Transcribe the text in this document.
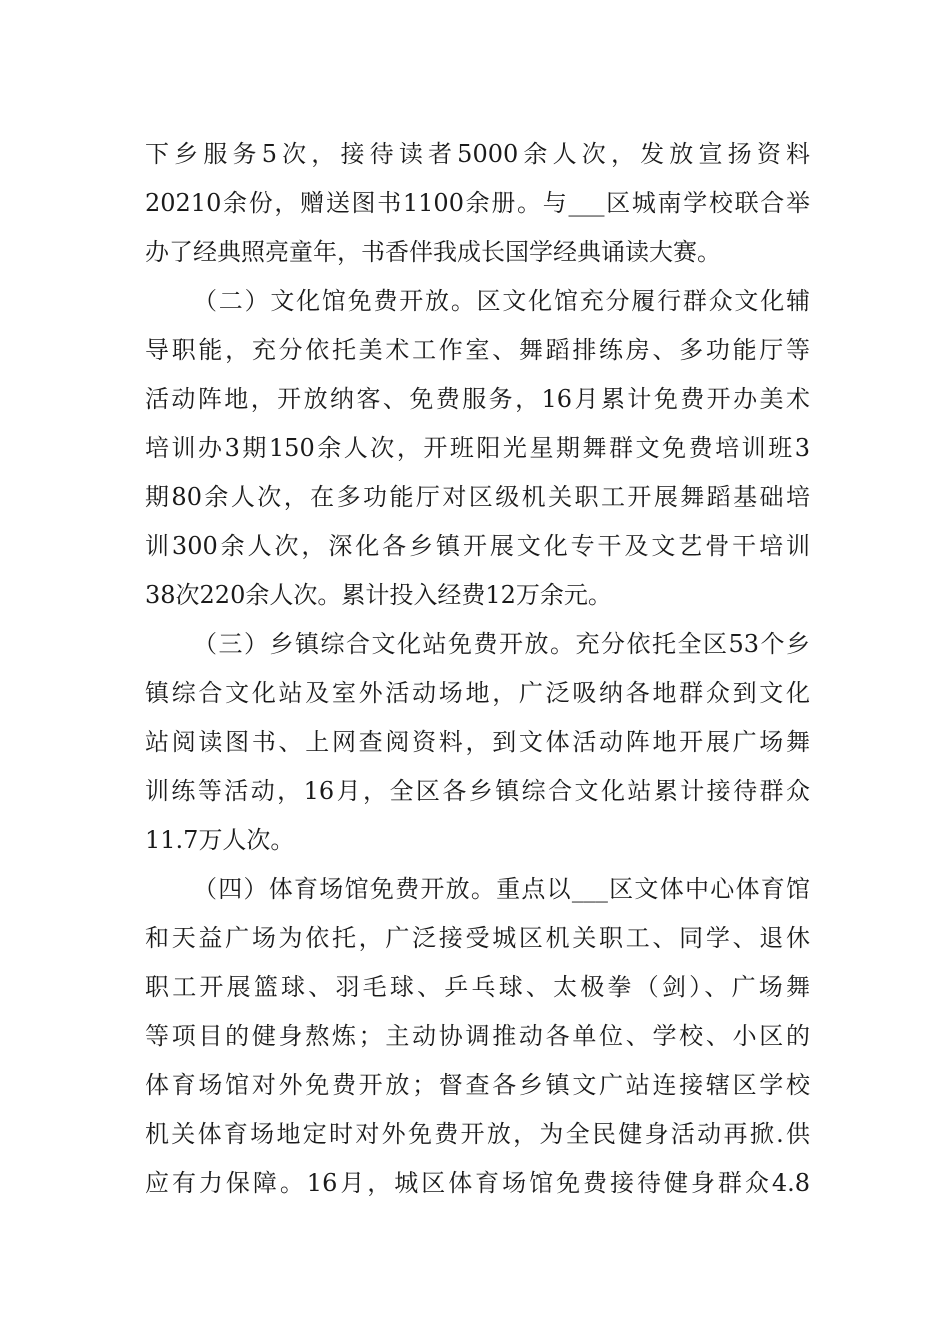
下乡服务5次，接待读者5000余人次，发放宣扬资料
20210余份，赠送图书1100余册。与___区城南学校联合举
办了经典照亮童年，书香伴我成长国学经典诵读大赛。
（二）文化馆免费开放。区文化馆充分履行群众文化辅
导职能，充分依托美术工作室、舞蹈排练房、多功能厅等
活动阵地，开放纳客、免费服务，16月累计免费开办美术
培训办3期150余人次，开班阳光星期舞群文免费培训班3
期80余人次，在多功能厅对区级机关职工开展舞蹈基础培
训300余人次，深化各乡镇开展文化专干及文艺骨干培训
38次220余人次。累计投入经费12万余元。
（三）乡镇综合文化站免费开放。充分依托全区53个乡
镇综合文化站及室外活动场地，广泛吸纳各地群众到文化
站阅读图书、上网查阅资料，到文体活动阵地开展广场舞
训练等活动，16月，全区各乡镇综合文化站累计接待群众
11.7万人次。
（四）体育场馆免费开放。重点以___区文体中心体育馆
和天益广场为依托，广泛接受城区机关职工、同学、退休
职工开展篮球、羽毛球、乒乓球、太极拳（剑）、广场舞
等项目的健身熬炼；主动协调推动各单位、学校、小区的
体育场馆对外免费开放；督查各乡镇文广站连接辖区学校
机关体育场地定时对外免费开放，为全民健身活动再掀.供
应有力保障。16月，城区体育场馆免费接待健身群众4.8
